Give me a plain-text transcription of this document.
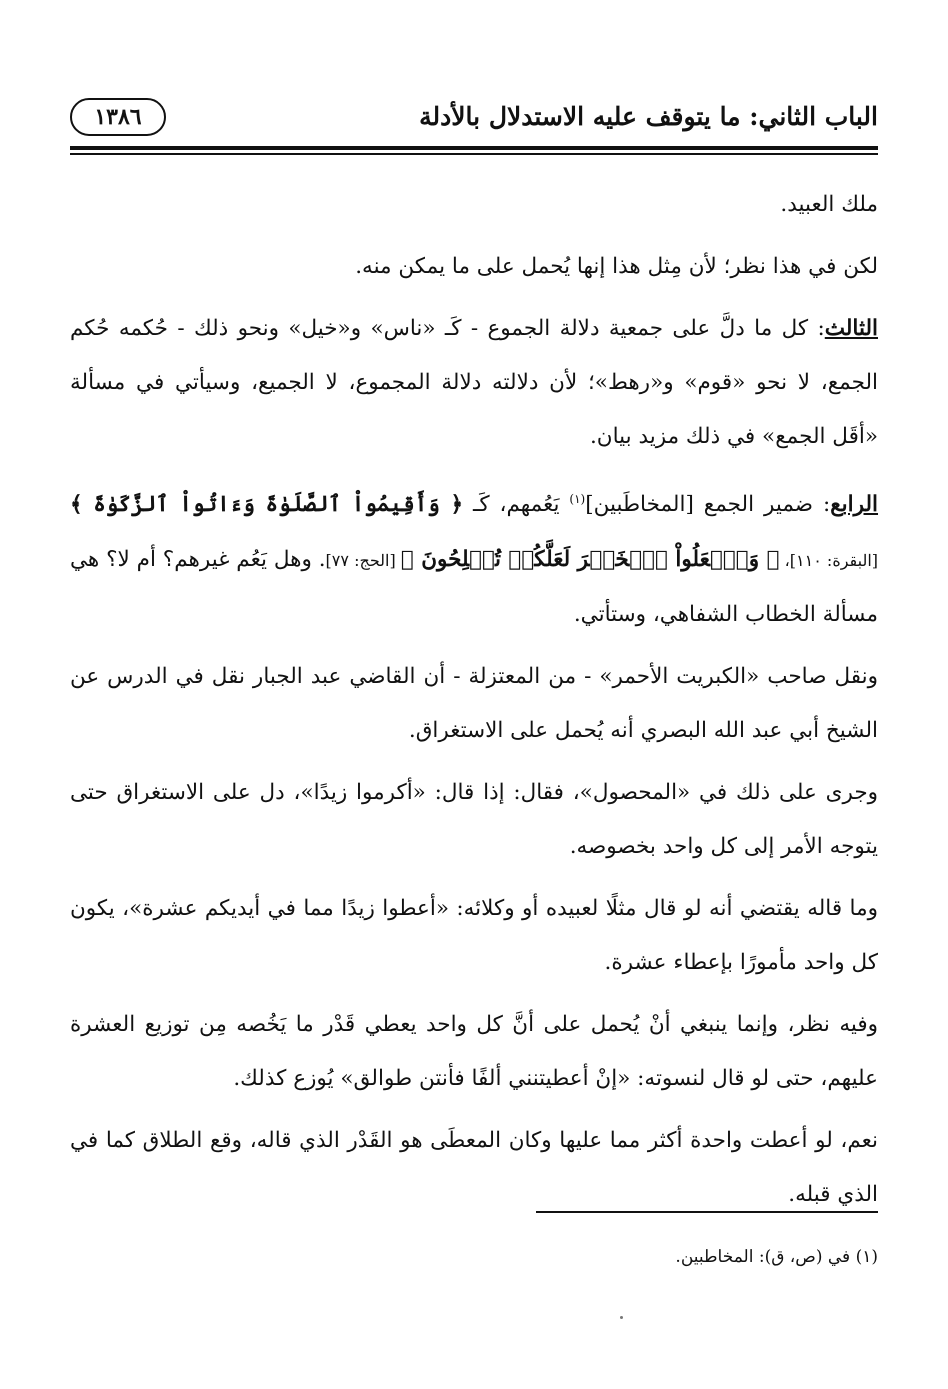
الباب الثاني: ما يتوقف عليه الاستدلال بالأدلة
١٣٨٦

ملك العبيد.

لكن في هذا نظر؛ لأن مِثل هذا إنها يُحمل على ما يمكن منه.

الثالث: كل ما دلَّ على جمعية دلالة الجموع - كَـ «ناس» و«خيل» ونحو ذلك - حُكمه حُكم الجمع، لا نحو «قوم» و«رهط»؛ لأن دلالته دلالة المجموع، لا الجميع، وسيأتي في مسألة «أقَل الجمع» في ذلك مزيد بيان.

الرابع: ضمير الجمع [المخاطَبين]$^{(١)}$ يَعُمهم، كَـ ﴿ وَأَقِيمُواْ ٱلصَّلَوٰةَ وَءَاتُواْ ٱلزَّكَوٰةَ ﴾ [البقرة: ١١٠]، ﴿ وَٱفۡعَلُواْ ٱلۡخَيۡرَ لَعَلَّكُمۡ تُفۡلِحُونَ ﴾ [الحج: ٧٧]. وهل يَعُم غيرهم؟ أم لا؟ هي مسألة الخطاب الشفاهي، وستأتي.

ونقل صاحب «الكبريت الأحمر» - من المعتزلة - أن القاضي عبد الجبار نقل في الدرس عن الشيخ أبي عبد الله البصري أنه يُحمل على الاستغراق.

وجرى على ذلك في «المحصول»، فقال: إذا قال: «أكرموا زيدًا»، دل على الاستغراق حتى يتوجه الأمر إلى كل واحد بخصوصه.

وما قاله يقتضي أنه لو قال مثلًا لعبيده أو وكلائه: «أعطوا زيدًا مما في أيديكم عشرة»، يكون كل واحد مأمورًا بإعطاء عشرة.

وفيه نظر، وإنما ينبغي أنْ يُحمل على أنَّ كل واحد يعطي قَدْر ما يَخُصه مِن توزيع العشرة عليهم، حتى لو قال لنسوته: «إنْ أعطيتنني ألفًا فأنتن طوالق» يُوزع كذلك.

نعم، لو أعطت واحدة أكثر مما عليها وكان المعطَى هو القَدْر الذي قاله، وقع الطلاق كما في الذي قبله.

(١) في (ص، ق): المخاطبين.
